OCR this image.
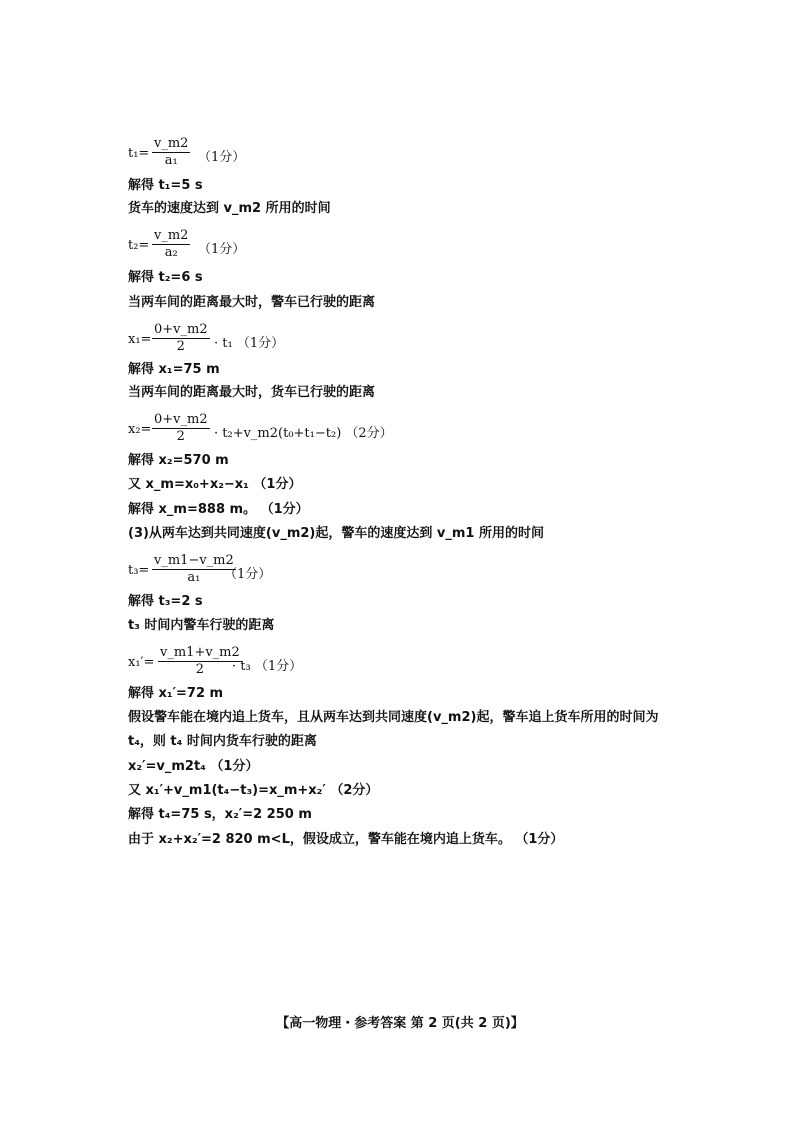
$t_1= \frac{v\_m2}{\text{a₁}} (1$分）
解得 t₁=5 s
货车的速度达到 v_m2 所用的时间
$t_2= \frac{v\_m2}{\text{a₂}} (1$分）
解得 t₂=6 s
当两车间的距离最大时，警车已行驶的距离
$x_1= \frac{0+v\_m2}{2} \cdot t_1$ （1分）
解得 x₁=75 m
当两车间的距离最大时，货车已行驶的距离
$x_2= \frac{0+v\_m2}{2}$ · t₂+v_m2(t₀+t₁−t₂) （2分）
解得 x₂=570 m
又 x_m=x₀+x₂−x₁ （1分）
解得 x_m=888 m。 （1分）
(3)从两车达到共同速度(v_m2)起，警车的速度达到 v_m1 所用的时间
$t_3= \frac{v\_m1-v\_m2}{\text{a₁}}$
（1分）
解得 t₃=2 s
t₃ 时间内警车行驶的距离
$x_1'= \frac{v\_m1+v\_m2}{2}$
· t₃ （1分）
解得 x₁′=72 m
假设警车能在境内追上货车，且从两车达到共同速度(v_m2)起，警车追上货车所用的时间为
t₄，则 t₄ 时间内货车行驶的距离
x₂′=v_m2t₄ （1分）
又 x₁′+v_m1(t₄−t₃)=x_m+x₂′ （2分）
解得 t₄=75 s，x₂′=2 250 m
由于 x₂+x₂′=2 820 m<L，假设成立，警车能在境内追上货车。 （1分）
【高一物理・参考答案 第 2 页(共 2 页)】
